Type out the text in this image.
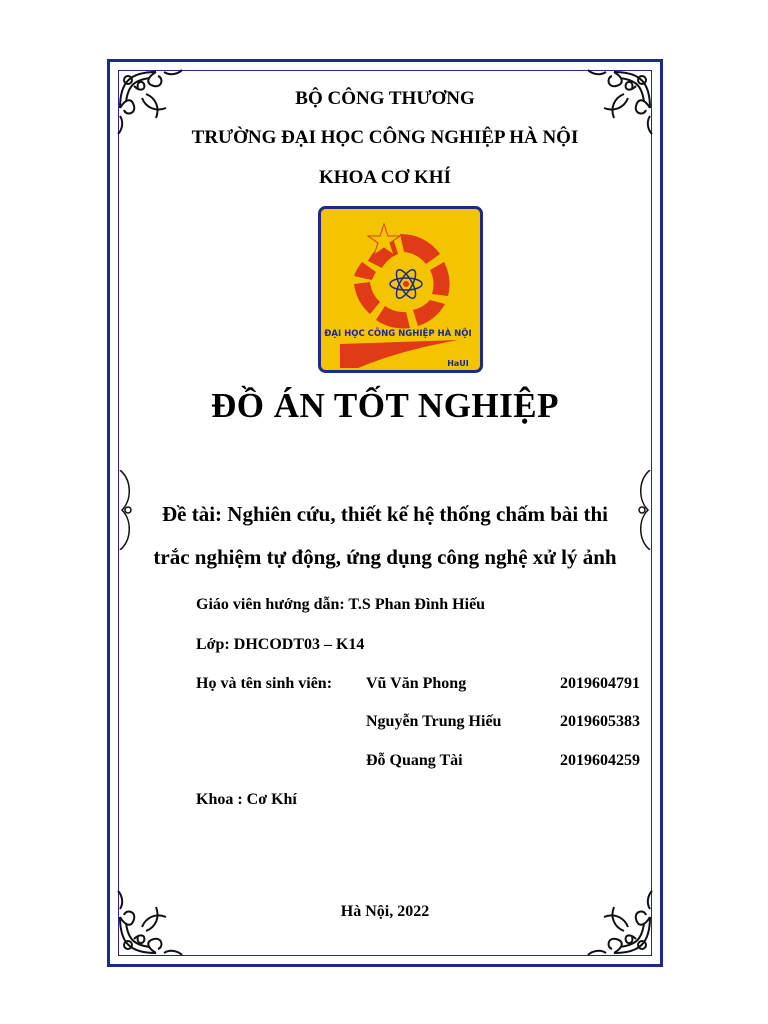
BỘ CÔNG THƯƠNG
TRƯỜNG ĐẠI HỌC CÔNG NGHIỆP HÀ NỘI
KHOA CƠ KHÍ
ĐẠI HỌC CÔNG NGHIỆP HÀ NỘI
HaUI
ĐỒ ÁN TỐT NGHIỆP
Đề tài: Nghiên cứu, thiết kế hệ thống chấm bài thi
trắc nghiệm tự động, ứng dụng công nghệ xử lý ảnh
Giáo viên hướng dẫn: T.S Phan Đình Hiếu
Lớp: DHCODT03 – K14
Họ và tên sinh viên: Vũ Văn Phong	2019604791
Nguyễn Trung Hiếu	2019605383
Đỗ Quang Tài	2019604259
Khoa : Cơ Khí
Hà Nội, 2022
